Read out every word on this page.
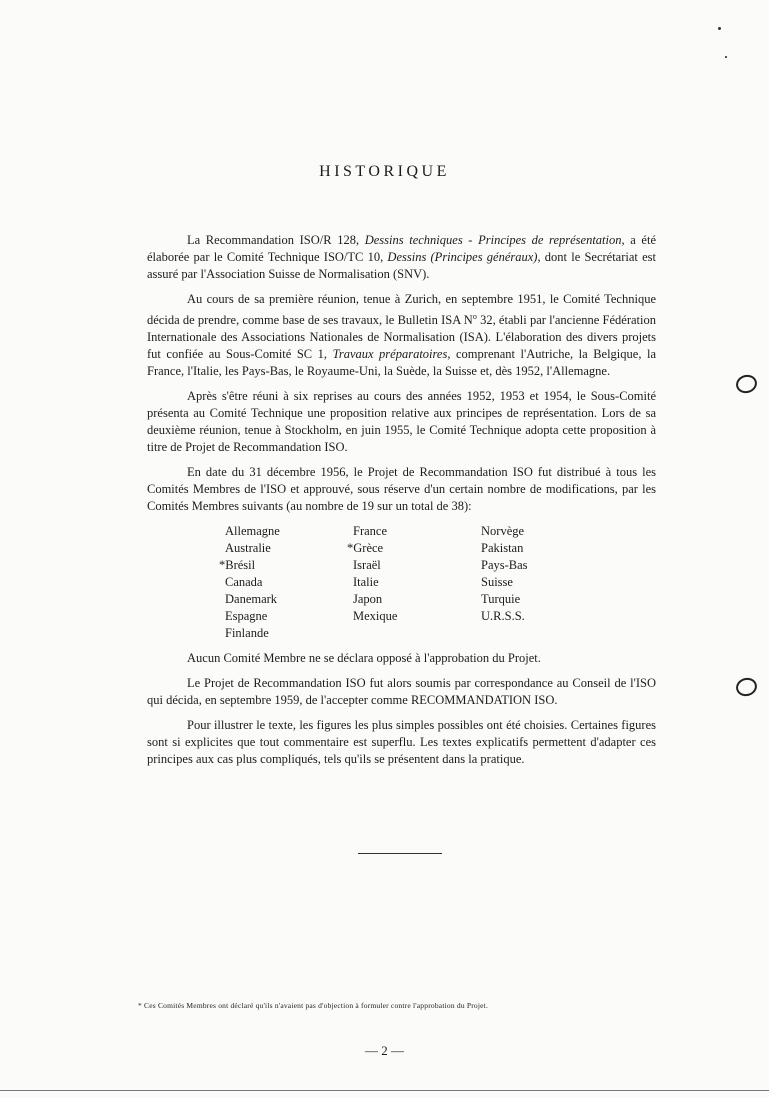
HISTORIQUE

La Recommandation ISO/R 128, Dessins techniques - Principes de représentation, a été élaborée par le Comité Technique ISO/TC 10, Dessins (Principes généraux), dont le Secrétariat est assuré par l'Association Suisse de Normalisation (SNV).

Au cours de sa première réunion, tenue à Zurich, en septembre 1951, le Comité Technique décida de prendre, comme base de ses travaux, le Bulletin ISA $N^o$ 32, établi par l'ancienne Fédération Internationale des Associations Nationales de Normalisation (ISA). L'élaboration des divers projets fut confiée au Sous-Comité SC 1, Travaux préparatoires, comprenant l'Autriche, la Belgique, la France, l'Italie, les Pays-Bas, le Royaume-Uni, la Suède, la Suisse et, dès 1952, l'Allemagne.

Après s'être réuni à six reprises au cours des années 1952, 1953 et 1954, le Sous-Comité présenta au Comité Technique une proposition relative aux principes de représentation. Lors de sa deuxième réunion, tenue à Stockholm, en juin 1955, le Comité Technique adopta cette proposition à titre de Projet de Recommandation ISO.

En date du 31 décembre 1956, le Projet de Recommandation ISO fut distribué à tous les Comités Membres de l'ISO et approuvé, sous réserve d'un certain nombre de modifications, par les Comités Membres suivants (au nombre de 19 sur un total de 38):

Allemagne
Australie
*Brésil
Canada
Danemark
Espagne
Finlande
France
*Grèce
Israël
Italie
Japon
Mexique
Norvège
Pakistan
Pays-Bas
Suisse
Turquie
U.R.S.S.

Aucun Comité Membre ne se déclara opposé à l'approbation du Projet.

Le Projet de Recommandation ISO fut alors soumis par correspondance au Conseil de l'ISO qui décida, en septembre 1959, de l'accepter comme RECOMMANDATION ISO.

Pour illustrer le texte, les figures les plus simples possibles ont été choisies. Certaines figures sont si explicites que tout commentaire est superflu. Les textes explicatifs permettent d'adapter ces principes aux cas plus compliqués, tels qu'ils se présentent dans la pratique.

* Ces Comités Membres ont déclaré qu'ils n'avaient pas d'objection à formuler contre l'approbation du Projet.
— 2 —
